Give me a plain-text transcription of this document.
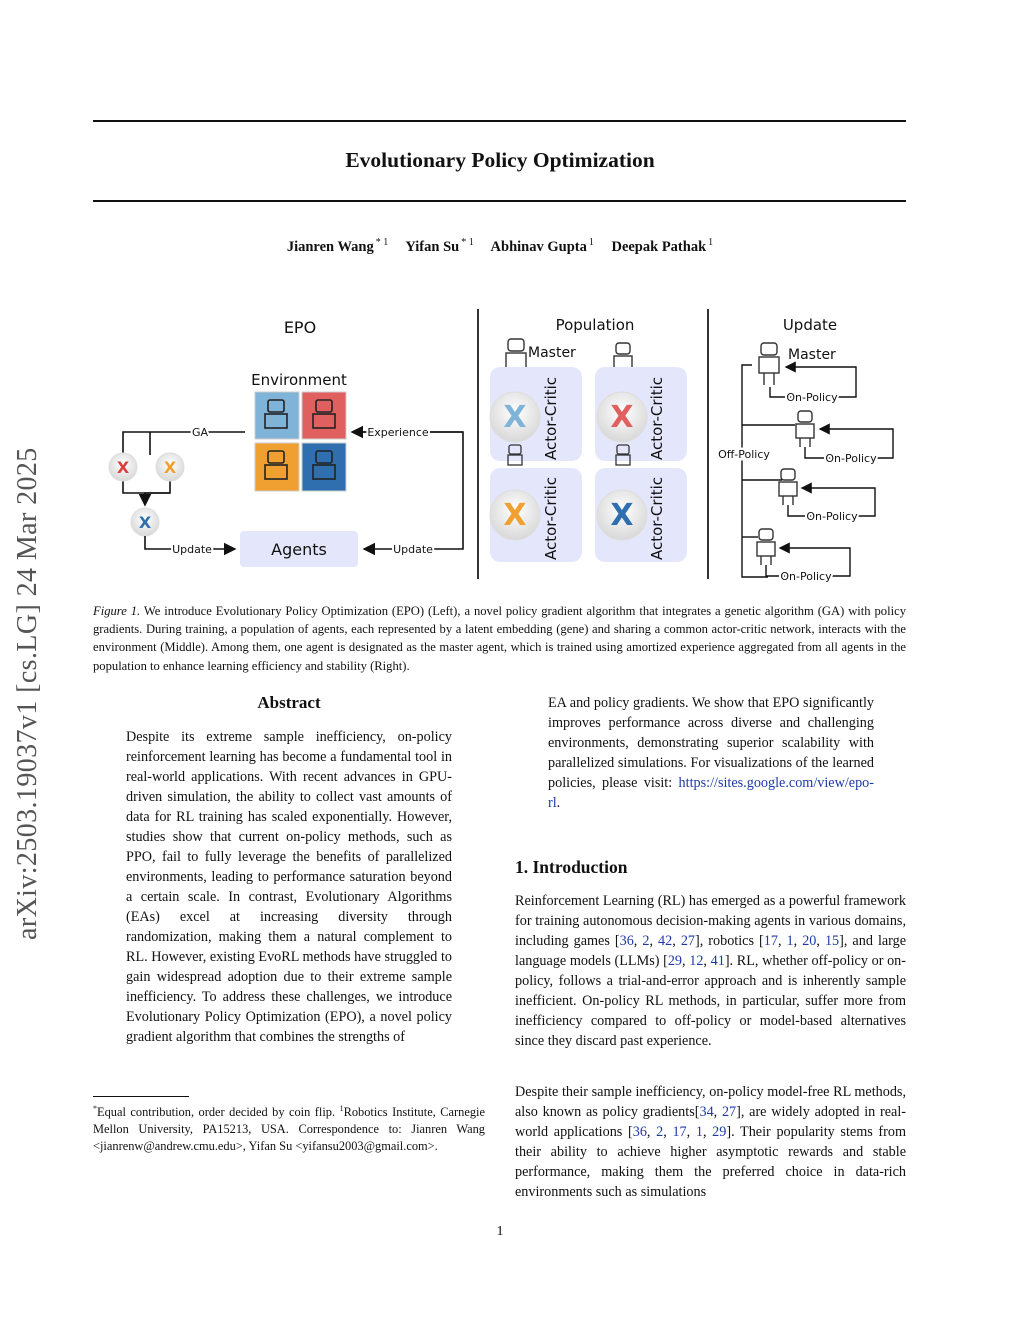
Evolutionary Policy Optimization
Jianren Wang $^{* 1}$ Yifan Su $^{* 1}$ Abhinav Gupta $^1$ Deepak Pathak $^1$
arXiv:2503.19037v1 [cs.LG] 24 Mar 2025
EPO
Environment
GA
X X
X
Update	Agents
Experience
Update
Population
Master
X
X
X
X
Actor-Critic
Actor-Critic
Actor-Critic
Actor-Critic
Update
Master
Off-Policy
On-Policy
On-Policy
On-Policy
On-Policy
Figure 1. We introduce Evolutionary Policy Optimization (EPO) (Left), a novel policy gradient algorithm that integrates a genetic algorithm (GA) with policy gradients. During training, a population of agents, each represented by a latent embedding (gene) and sharing a common actor-critic network, interacts with the environment (Middle). Among them, one agent is designated as the master agent, which is trained using amortized experience aggregated from all agents in the population to enhance learning efficiency and stability (Right).
Abstract
Despite its extreme sample inefficiency, on-policy reinforcement learning has become a fundamental tool in real-world applications. With recent advances in GPU-driven simulation, the ability to collect vast amounts of data for RL training has scaled exponentially. However, studies show that current on-policy methods, such as PPO, fail to fully leverage the benefits of parallelized environments, leading to performance saturation beyond a certain scale. In contrast, Evolutionary Algorithms (EAs) excel at increasing diversity through randomization, making them a natural complement to RL. However, existing EvoRL methods have struggled to gain widespread adoption due to their extreme sample inefficiency. To address these challenges, we introduce Evolutionary Policy Optimization (EPO), a novel policy gradient algorithm that combines the strengths of
EA and policy gradients. We show that EPO significantly improves performance across diverse and challenging environments, demonstrating superior scalability with parallelized simulations. For visualizations of the learned policies, please visit: https://sites.google.com/view/epo-rl.
*Equal contribution, order decided by coin flip. $^1$Robotics Institute, Carnegie Mellon University, PA15213, USA. Correspondence to: Jianren Wang <jianrenw@andrew.cmu.edu>, Yifan Su <yifansu2003@gmail.com>.
1. Introduction
Reinforcement Learning (RL) has emerged as a powerful framework for training autonomous decision-making agents in various domains, including games [36, 2, 42, 27], robotics [17, 1, 20, 15], and large language models (LLMs) [29, 12, 41]. RL, whether off-policy or on-policy, follows a trial-and-error approach and is inherently sample inefficient. On-policy RL methods, in particular, suffer more from inefficiency compared to off-policy or model-based alternatives since they discard past experience.
Despite their sample inefficiency, on-policy model-free RL methods, also known as policy gradients[34, 27], are widely adopted in real-world applications [36, 2, 17, 1, 29]. Their popularity stems from their ability to achieve higher asymptotic rewards and stable performance, making them the preferred choice in data-rich environments such as simulations
1
